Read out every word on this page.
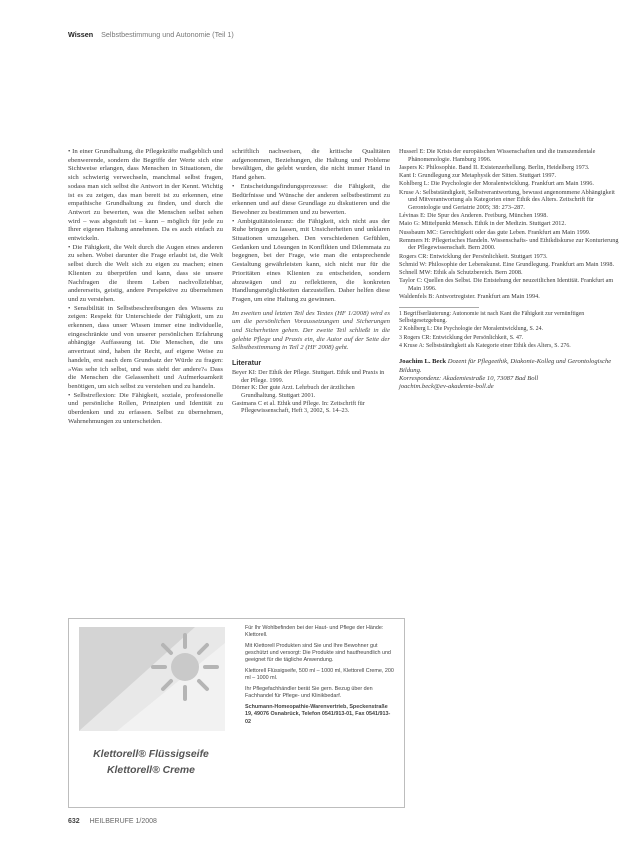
Wissen Selbstbestimmung und Autonomie (Teil 1)

• In einer Grundhaltung, die Pflegekräfte maßgeblich und ebenwerende, sondern die Begriffe der Werte sich eine Sichtweise erlangen, dass Menschen in Situationen, die sich schwierig verwechseln, manchmal selbst fragen, sodass man sich selbst die Antwort in der Kennt. Wichtig ist es zu zeigen, das man bereit ist zu erkennen, eine empathische Grundhaltung zu finden, und durch die Antwort zu bewerten, was die Menschen selbst sehen wird – was abgestuft ist – kann – möglich für jede zu Ihrer eigenen Haltung annehmen. Da es auch einfach zu entwickeln.

• Die Fähigkeit, die Welt durch die Augen eines anderen zu sehen. Wobei darunter die Frage erlaubt ist, die Welt selbst durch die Welt sich zu eigen zu machen; einen Klienten zu überprüfen und kann, dass sie unsere Nachfragen die ihrem Leben nachvollziehbar, andererseits, geistig, andere Perspektive zu übernehmen und zu verstehen.

• Sensibilität in Selbstbeschreibungen des Wissens zu zeigen: Respekt für Unterschiede der Fähigkeit, um zu erkennen, dass unser Wissen immer eine individuelle, eingeschränkte und von unserer persönlichen Erfahrung abhängige Auffassung ist. Die Menschen, die uns anvertraut sind, haben ihr Recht, auf eigene Weise zu handeln, erst nach dem Grundsatz der Würde zu fragen: »Was sehe ich selbst, und was sieht der andere?« Dass die Menschen die Gelassenheit und Aufmerksamkeit benötigen, um sich selbst zu verstehen und zu handeln.

• Selbstreflexion: Die Fähigkeit, soziale, professionelle und persönliche Rollen, Prinzipien und Identität zu überdenken und zu erfassen. Selbst zu übernehmen, Wahrnehmungen zu unterscheiden.

schriftlich nachweisen, die kritische Qualitäten aufgenommen, Beziehungen, die Haltung und Probleme bewältigen, die gelebt wurden, die nicht immer Hand in Hand gehen.

• Entscheidungsfindungsprozesse: die Fähigkeit, die Bedürfnisse und Wünsche der anderen selbstbestimmt zu erkennen und auf diese Grundlage zu diskutieren und die Bewohner zu bestimmen und zu bewerten.

• Ambiguitätstoleranz: die Fähigkeit, sich nicht aus der Ruhe bringen zu lassen, mit Unsicherheiten und unklaren Situationen umzugehen. Den verschiedenen Gefühlen, Gedanken und Lösungen in Konflikten und Dilemmata zu begegnen, bei der Frage, wie man die entsprechende Gestaltung gewährleisten kann, sich nicht nur für die Prioritäten eines Klienten zu entscheiden, sondern abzuwägen und zu reflektieren, die konkreten Handlungsmöglichkeiten darzustellen. Daher helfen diese Fragen, um eine Haltung zu gewinnen.

Im zweiten und letzten Teil des Textes (HF 1/2008) wird es um die persönlichen Voraussetzungen und Sicherungen und Sicherheiten gehen. Der zweite Teil schließt in die gelebte Pflege und Praxis ein, die Autor auf der Seite der Selbstbestimmung in Teil 2 (HF 2008) geht.

Literatur

Beyer KI: Der Ethik der Pflege. Stuttgart. Ethik und Praxis in der Pflege. 1999.

Dörner K: Der gute Arzt. Lehrbuch der ärztlichen Grundhaltung. Stuttgart 2001.

Gastmans C et al. Ethik und Pflege. In: Zeitschrift für Pflegewissenschaft, Heft 3, 2002, S. 14–23.

Husserl E: Die Krisis der europäischen Wissenschaften und die transzendentale Phänomenologie. Hamburg 1996.

Jaspers K: Philosophie. Band II. Existenzerhellung. Berlin, Heidelberg 1973.

Kant I: Grundlegung zur Metaphysik der Sitten. Stuttgart 1997.

Kohlberg L: Die Psychologie der Moralentwicklung. Frankfurt am Main 1996.

Kruse A: Selbstständigkeit, Selbstverantwortung, bewusst angenommene Abhängigkeit und Mitverantwortung als Kategorien einer Ethik des Alters. Zeitschrift für Gerontologie und Geriatrie 2005; 38: 273–287.

Lévinas E: Die Spur des Anderen. Freiburg, München 1998.

Maio G: Mittelpunkt Mensch. Ethik in der Medizin. Stuttgart 2012.

Nussbaum MC: Gerechtigkeit oder das gute Leben. Frankfurt am Main 1999.

Remmers H: Pflegerisches Handeln. Wissenschafts- und Ethikdiskurse zur Konturierung der Pflegewissenschaft. Bern 2000.

Rogers CR: Entwicklung der Persönlichkeit. Stuttgart 1973.

Schmid W: Philosophie der Lebenskunst. Eine Grundlegung. Frankfurt am Main 1998.

Schnell MW: Ethik als Schutzbereich. Bern 2008.

Taylor C: Quellen des Selbst. Die Entstehung der neuzeitlichen Identität. Frankfurt am Main 1996.

Waldenfels B: Antwortregister. Frankfurt am Main 1994.

1 Begriffserläuterung: Autonomie ist nach Kant die Fähigkeit zur vernünftigen Selbstgesetzgebung.

2 Kohlberg L: Die Psychologie der Moralentwicklung, S. 24.

3 Rogers CR: Entwicklung der Persönlichkeit, S. 47.

4 Kruse A: Selbstständigkeit als Kategorie einer Ethik des Alters, S. 276.

Joachim L. Beck Dozent für Pflegeethik, Diakonie-Kolleg und Gerontologische Bildung.
Korrespondenz: Akademiestraße 10, 73087 Bad Boll
joachim.beck@ev-akademie-boll.de

Klettorell® Flüssigseife
Klettorell® Creme

Für Ihr Wohlbefinden bei der Haut- und Pflege der Hände: Klettorell.

Mit Klettorell Produkten sind Sie und Ihre Bewohner gut geschützt und versorgt: Die Produkte sind hautfreundlich und geeignet für die tägliche Anwendung.

Klettorell Flüssigseife, 500 ml – 1000 ml, Klettorell Creme, 200 ml – 1000 ml.

Ihr Pflegefachhändler berät Sie gern. Bezug über den Fachhandel für Pflege- und Klinikbedarf.

Schumann-Homeopathie-Warenvertrieb, Speckenstraße 19, 49076 Osnabrück, Telefon 0541/913-01, Fax 0541/913-02

632 HEILBERUFE 1/2008
